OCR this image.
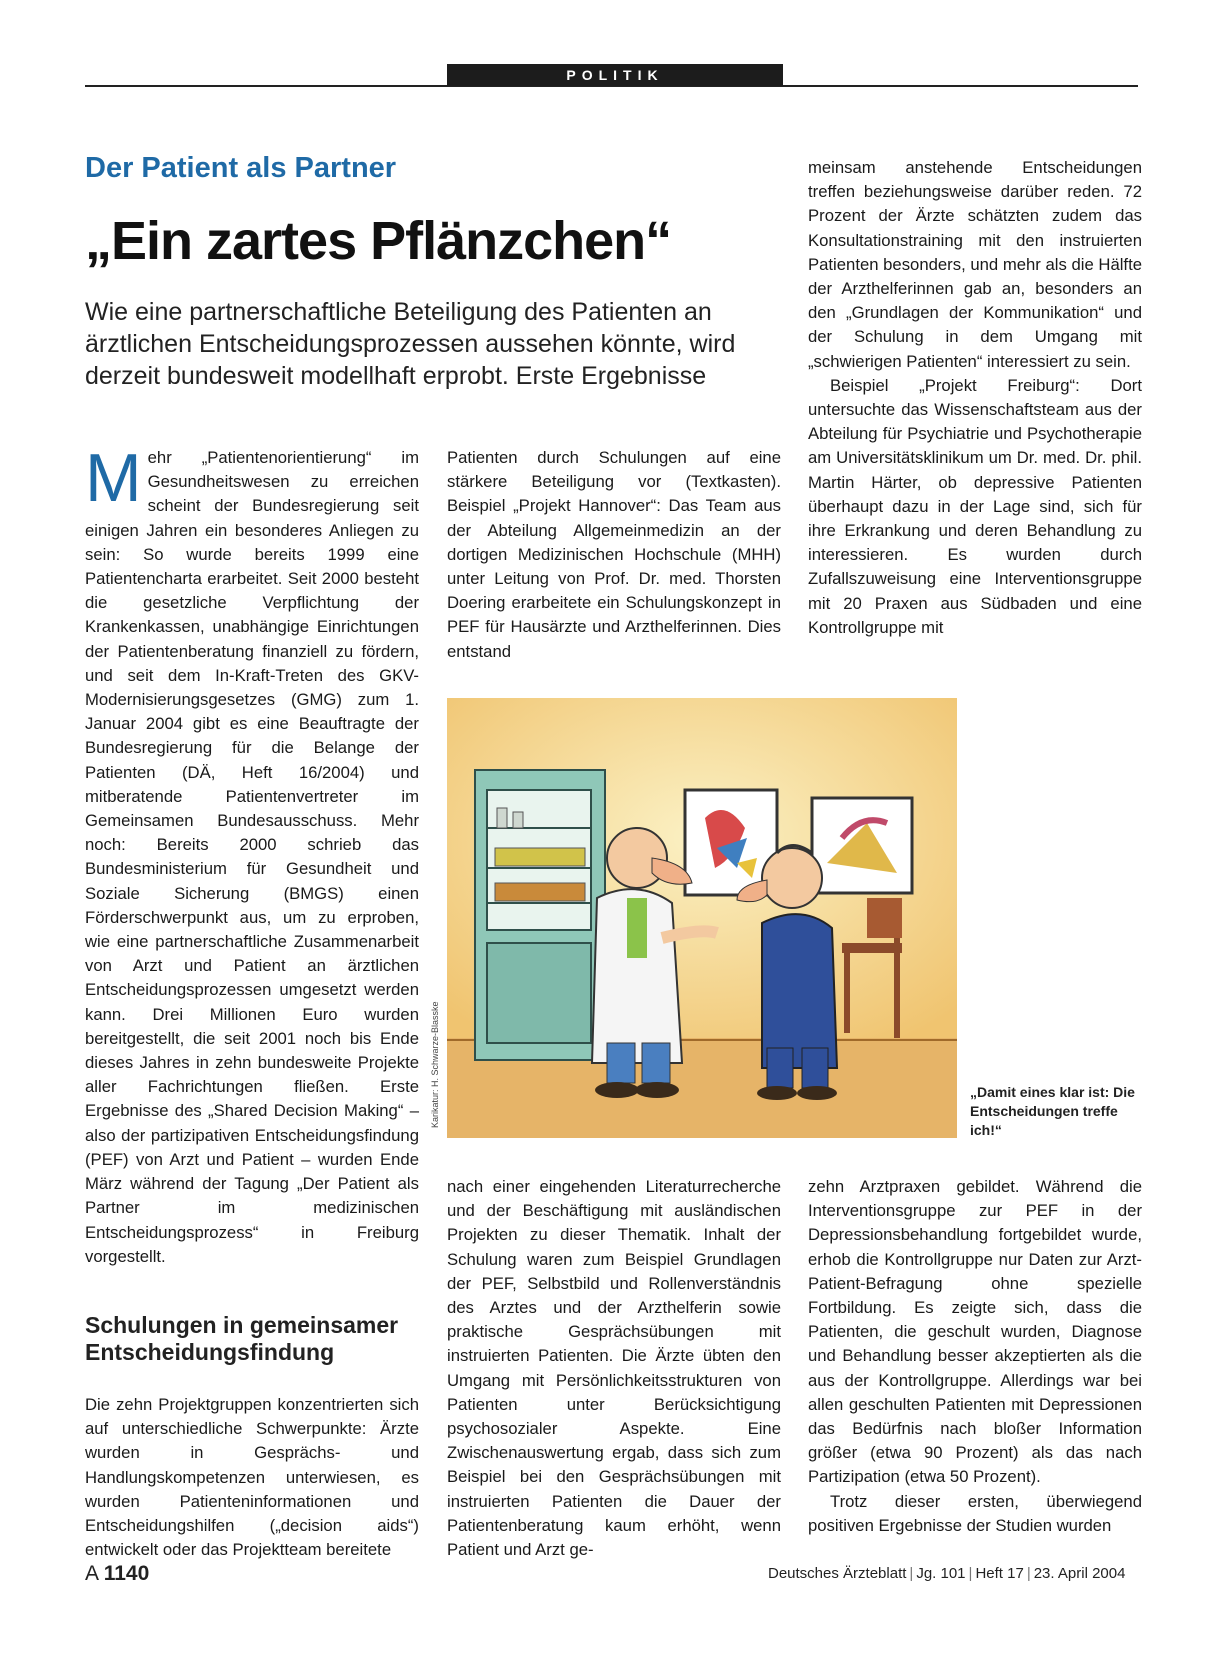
POLITIK
Der Patient als Partner
„Ein zartes Pflänzchen“
Wie eine partnerschaftliche Beteiligung des Patienten an ärztlichen Entscheidungsprozessen aussehen könnte, wird derzeit bundesweit modellhaft erprobt. Erste Ergebnisse
M ehr „Patientenorientierung“ im Gesundheitswesen zu erreichen scheint der Bundesregierung seit einigen Jahren ein besonderes Anliegen zu sein: So wurde bereits 1999 eine Patientencharta erarbeitet. Seit 2000 besteht die gesetzliche Verpflichtung der Krankenkassen, unabhängige Einrichtungen der Patientenberatung finanziell zu fördern, und seit dem In-Kraft-Treten des GKV-Modernisierungsgesetzes (GMG) zum 1. Januar 2004 gibt es eine Beauftragte der Bundesregierung für die Belange der Patienten (DÄ, Heft 16/2004) und mitberatende Patientenvertreter im Gemeinsamen Bundesausschuss. Mehr noch: Bereits 2000 schrieb das Bundesministerium für Gesundheit und Soziale Sicherung (BMGS) einen Förderschwerpunkt aus, um zu erproben, wie eine partnerschaftliche Zusammenarbeit von Arzt und Patient an ärztlichen Entscheidungsprozessen umgesetzt werden kann. Drei Millionen Euro wurden bereitgestellt, die seit 2001 noch bis Ende dieses Jahres in zehn bundesweite Projekte aller Fachrichtungen fließen. Erste Ergebnisse des „Shared Decision Making“ – also der partizipativen Entscheidungsfindung (PEF) von Arzt und Patient – wurden Ende März während der Tagung „Der Patient als Partner im medizinischen Entscheidungsprozess“ in Freiburg vorgestellt.

Schulungen in gemeinsamer Entscheidungsfindung

Die zehn Projektgruppen konzentrierten sich auf unterschiedliche Schwerpunkte: Ärzte wurden in Gesprächs- und Handlungskompetenzen unterwiesen, es wurden Patienteninformationen und Entscheidungshilfen („decision aids“) entwickelt oder das Projektteam bereitete

Patienten durch Schulungen auf eine stärkere Beteiligung vor (Textkasten). Beispiel „Projekt Hannover“: Das Team aus der Abteilung Allgemeinmedizin an der dortigen Medizinischen Hochschule (MHH) unter Leitung von Prof. Dr. med. Thorsten Doering erarbeitete ein Schulungskonzept in PEF für Hausärzte und Arzthelferinnen. Dies entstand

meinsam anstehende Entscheidungen treffen beziehungsweise darüber reden. 72 Prozent der Ärzte schätzten zudem das Konsultationstraining mit den instruierten Patienten besonders, und mehr als die Hälfte der Arzthelferinnen gab an, besonders an den „Grundlagen der Kommunikation“ und der Schulung in dem Umgang mit „schwierigen Patienten“ interessiert zu sein.

Beispiel „Projekt Freiburg“: Dort untersuchte das Wissenschaftsteam aus der Abteilung für Psychiatrie und Psychotherapie am Universitätsklinikum um Dr. med. Dr. phil. Martin Härter, ob depressive Patienten überhaupt dazu in der Lage sind, sich für ihre Erkrankung und deren Behandlung zu interessieren. Es wurden durch Zufallszuweisung eine Interventionsgruppe mit 20 Praxen aus Südbaden und eine Kontrollgruppe mit

Karikatur: H. Schwarze-Blasske	„Damit eines klar ist: Die Entscheidungen treffe ich!“

nach einer eingehenden Literaturrecherche und der Beschäftigung mit ausländischen Projekten zu dieser Thematik. Inhalt der Schulung waren zum Beispiel Grundlagen der PEF, Selbstbild und Rollenverständnis des Arztes und der Arzthelferin sowie praktische Gesprächsübungen mit instruierten Patienten. Die Ärzte übten den Umgang mit Persönlichkeitsstrukturen von Patienten unter Berücksichtigung psychosozialer Aspekte. Eine Zwischenauswertung ergab, dass sich zum Beispiel bei den Gesprächsübungen mit instruierten Patienten die Dauer der Patientenberatung kaum erhöht, wenn Patient und Arzt ge-

zehn Arztpraxen gebildet. Während die Interventionsgruppe zur PEF in der Depressionsbehandlung fortgebildet wurde, erhob die Kontrollgruppe nur Daten zur Arzt-Patient-Befragung ohne spezielle Fortbildung. Es zeigte sich, dass die Patienten, die geschult wurden, Diagnose und Behandlung besser akzeptierten als die aus der Kontrollgruppe. Allerdings war bei allen geschulten Patienten mit Depressionen das Bedürfnis nach bloßer Information größer (etwa 90 Prozent) als das nach Partizipation (etwa 50 Prozent).

Trotz dieser ersten, überwiegend positiven Ergebnisse der Studien wurden

A 1140	Deutsches Ärzteblatt | Jg. 101 | Heft 17 | 23. April 2004
